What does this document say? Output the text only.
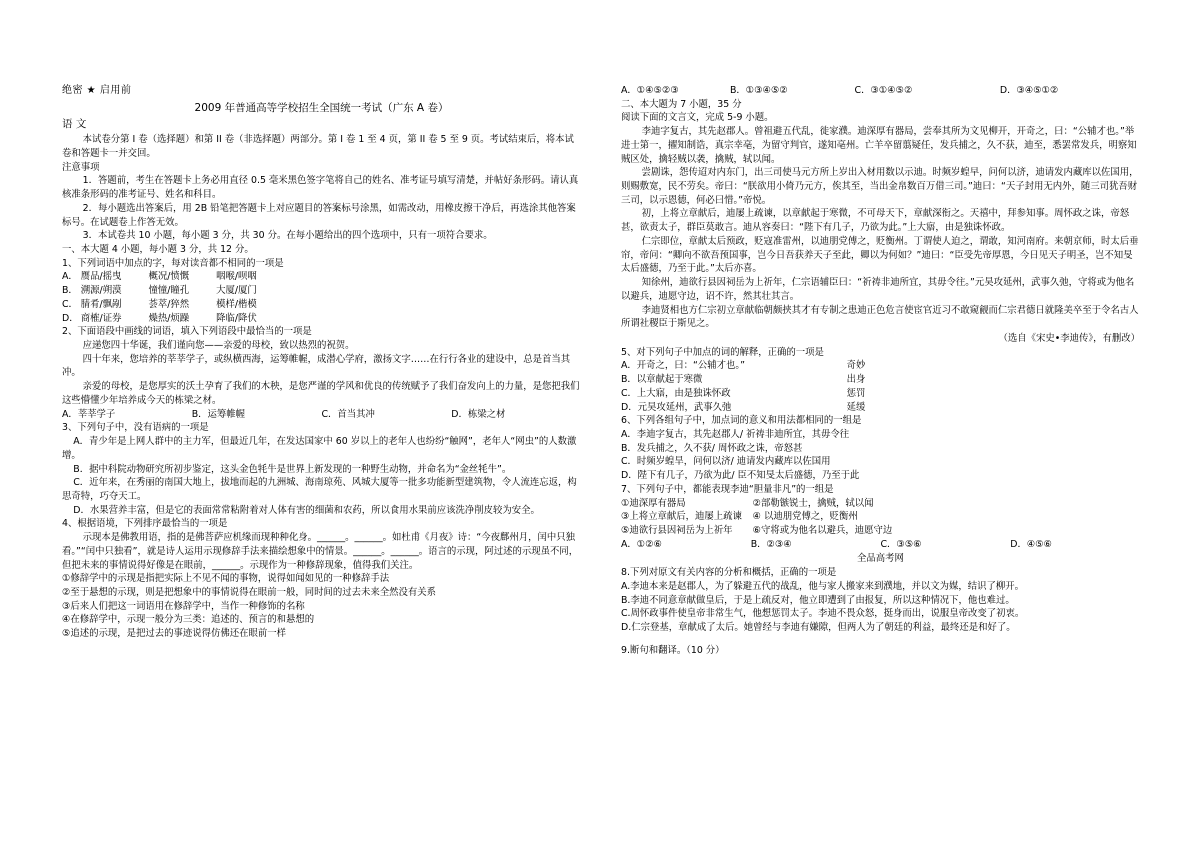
绝密 ★ 启用前

2009 年普通高等学校招生全国统一考试（广东 A 卷）

语 文

本试卷分第 I 卷（选择题）和第 II 卷（非选择题）两部分。第 I 卷 1 至 4 页，第 II 卷 5 至 9 页。考试结束后，将本试卷和答题卡一并交回。

注意事项

1．答题前，考生在答题卡上务必用直径 0.5 毫米黑色签字笔将自己的姓名、准考证号填写清楚，并帖好条形码。请认真核准条形码的准考证号、姓名和科目。

2．每小题选出答案后，用 2B 铅笔把答题卡上对应题目的答案标号涂黑，如需改动，用橡皮擦干净后，再选涂其他答案标号。在试题卷上作答无效。

3．本试卷共 10 小题，每小题 3 分，共 30 分。在每小题给出的四个选项中，只有一项符合要求。

一、本大题 4 小题，每小题 3 分，共 12 分。

1、下列词语中加点的字，每对读音都不相同的一项是

A． 赝品/摇曳	概况/愤慨	咽喉/呗咽
B． 溯源/朔漠	憧憧/瞳孔	大厦/厦门
C． 腈肴/飘剐	荟萃/猝然	模样/楷模
D． 商榷/证券	燥热/烦躁	降临/降伏

2、下面语段中画线的词语，填入下列语段中最恰当的一项是

应递您四十华诞，我们谨向您——亲爱的母校，致以热烈的祝贺。

四十年来，您培养的莘莘学子，或纵横西海，运筹帷幄，成潜心学府，激扬文字……在行行各业的建设中，总是首当其冲。

亲爱的母校，是您厚实的沃土孕育了我们的木秧，是您严谨的学风和优良的传统赋予了我们奋发向上的力量，是您把我们这些懵懂少年培养成今天的栋梁之材。

A．莘莘学子	B．运筹帷幄	C．首当其冲	D．栋梁之材

3、下列句子中，没有语病的一项是

A．青少年是上网人群中的主力军，但最近几年，在发达国家中 60 岁以上的老年人也纷纷“触网”，老年人“网虫”的人数激增。

B．据中科院动物研究所初步鉴定，这头金色牦牛是世界上新发现的一种野生动物，并命名为“金丝牦牛”。

C．近年来，在秀丽的南国大地上，拔地而起的九洲城、海南琼苑、风城大厦等一批多功能新型建筑物，令人流连忘返，构思奇特，巧夺天工。

D．水果营养丰富，但是它的表面常常粘附着对人体有害的细菌和农药，所以食用水果前应该洗净削皮较为安全。

4、根据语境，下列排序最恰当的一项是

示现本是佛教用语，指的是佛菩萨应机缘而现种种化身。______。______。如杜甫《月夜》诗：“今夜鄜州月，闰中只独看。”“闰中只独看”，就是诗人运用示现修辞手法来描绘想象中的情景。______。______。语言的示现，阿过述的示现虽不同，但把未来的事情说得好像是在眼前，______。示现作为一种修辞现象，值得我们关注。

①修辞学中的示现是指把实际上不见不闻的事物，说得如闻如见的一种修辞手法

②至于悬想的示现，则是把想象中的事情说得在眼前一般，同时间的过去未来全然没有关系

③后来人们把这一词语用在修辞学中，当作一种修饰的名称

④在修辞学中，示现一般分为三类：追述的、预言的和悬想的

⑤追述的示现，是把过去的事迹说得仿佛还在眼前一样

A．①④⑤②③	B．①③④⑤②	C．③①④⑤②	D．③④⑤①②

二、本大题为 7 小题，35 分

阅读下面的文言文，完成 5-9 小题。

李迪字复古，其先赵郡人。曾祖避五代乱，徙家濮。迪深厚有器局，尝奉其所为文见柳开，开奇之，曰：“公辅才也。”举进士第一，擢知制诰，真宗幸亳，为留守判官，遂知亳州。亡羊卒留翦疑任，发兵捕之，久不获，迪至，悉罢常发兵，明察知贼区处，擒轻贼以袭，擒贼，轼以闻。

尝剧诛，怨传迢对内东门，出三司使马元方所上岁出入材用数以示迪。时频岁蝗早，问何以济，迪请发内藏库以佐国用，则赐敷宽，民不劳矣。帝曰：“朕欲用小倚乃元方，俟其至，当出金帛数百万借三司。”迪曰：“天子封用无内外，随三司犹吾财三司，以示恩德，何必曰惜。”帝悦。

初，上将立章献后，迪屡上疏谏，以章献起于寒微，不可母天下，章献深衔之。天禧中，拜参知事。周怀政之诛，帝怒甚，欲责太子，群臣莫敢言。迪从容奏曰：“陛下有几子，乃欲为此。”上大寤，由是独诛怀政。

仁宗即位，章献太后预政，贬寇准雷州，以迪朋党傅之，贬衡州。丁谓使人迫之，谓敢，知河南府。来朝京师，时太后垂帘，帝问：“卿向不欲吾预国事，岂今日吾获养天子至此，卿以为何如？”迪曰：“臣受先帝厚恩，今日见天子明圣，岂不知旻太后盛德，乃至于此。”太后亦喜。

知徐州，迪欲行县因祠岳为上祈年，仁宗语辅臣曰：“祈祷非迪所宜，其毋令往。”元昊攻延州，武事久弛，守将或为他名以避兵，迪愿守边，诏不许，然其壮其言。

李迪贤相也方仁宗初立章献临朝颇挟其才有专制之患迪正色危言使宦官近习不敢窥觎而仁宗君德日就隆美卒至于令名古人所谓社稷臣于斯见之。

（选自《宋史•李迪传》，有删改）

5、对下列句子中加点的词的解释，正确的一项是

A．开奇之，曰：“公辅才也。”	奇妙
B．以章献起于寒微	出身
C．上大寤，由是独诛怀政	惩罚
D．元昊攻延州，武事久弛	延缓

6、下列各组句子中，加点词的意义和用法都相同的一组是

A．李迪字复古，其先赵郡人/ 祈祷非迪所宜，其毋令往

B．发兵捕之，久不获/ 周怀政之诛，帝怒甚

C．时频岁蝗旱，问何以济/ 迪请发内藏库以佐国用

D．陛下有几子，乃欲为此/ 臣不知旻太后盛德，乃至于此

7、下列句子中，都能表现李迪“胆量非凡”的一组是

①迪深厚有器局	②部勒镞锐士，擒贼，轼以闻
③上将立章献后，迪屡上疏谏	④ 以迪朋党傅之，贬衡州
⑤迪欲行县因祠岳为上祈年	⑥守将或为他名以避兵，迪愿守边
A．①②⑥	B．②③④	C．③⑤⑥	D．④⑤⑥

全品高考网

8.下列对原文有关内容的分析和概括，正确的一项是

A.李迪本来是赵郡人，为了躲避五代的战乱，他与家人搬家来到濮地，并以文为媒，结识了柳开。

B.李迪不同意章献做皇后，于是上疏反对，他立即遭到了由报复，所以这种情况下，他也难过。

C.周怀政事件使皇帝非常生气，他想惩罚太子。李迪不畏众怒，挺身而出，说服皇帝改变了初衷。

D.仁宗登基，章献成了太后。她曾经与李迪有嫌隙，但两人为了朝廷的利益，最终还是和好了。

9.断句和翻译。（10 分）
